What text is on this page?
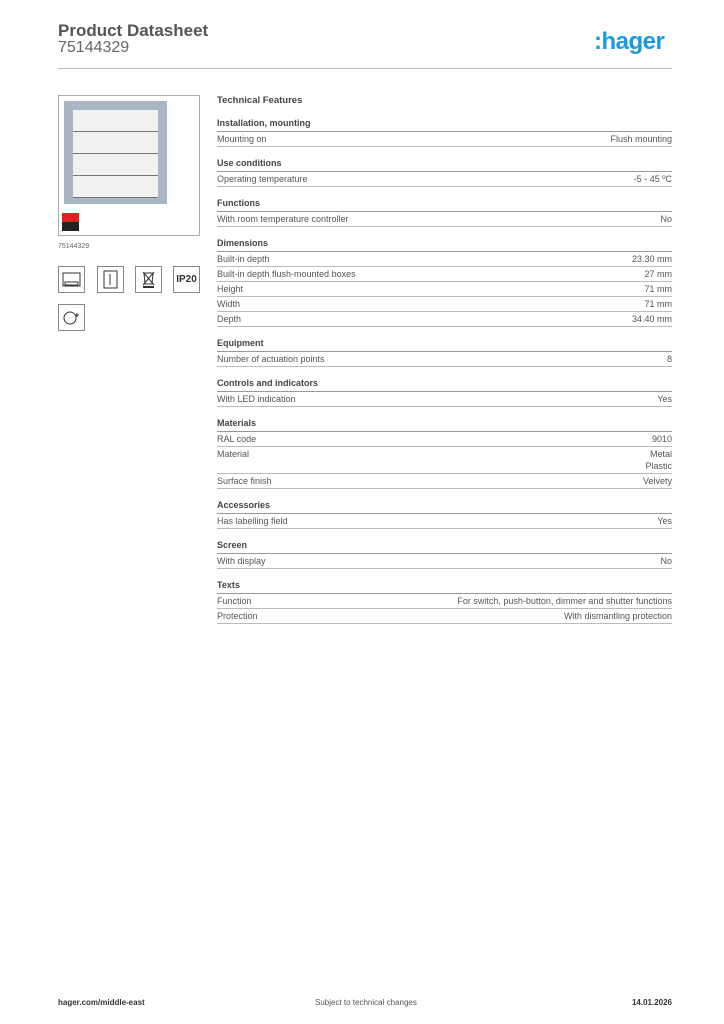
Product Datasheet
75144329	:hager
75144329
IP20
Technical Features
Installation, mounting
Mounting on	Flush mounting
Use conditions
Operating temperature	-5 - 45 ºC
Functions
With room temperature controller	No
Dimensions
Built-in depth	23.30 mm
Built-in depth flush-mounted boxes	27 mm
Height	71 mm
Width	71 mm
Depth	34.40 mm
Equipment
Number of actuation points	8
Controls and indicators
With LED indication	Yes
Materials
RAL code	9010
Material	Metal
Plastic
Surface finish	Velvety
Accessories
Has labelling field	Yes
Screen
With display	No
Texts
Function	For switch, push-button, dimmer and shutter functions
Protection	With dismantling protection
hager.com/middle-east	Subject to technical changes	14.01.2026
